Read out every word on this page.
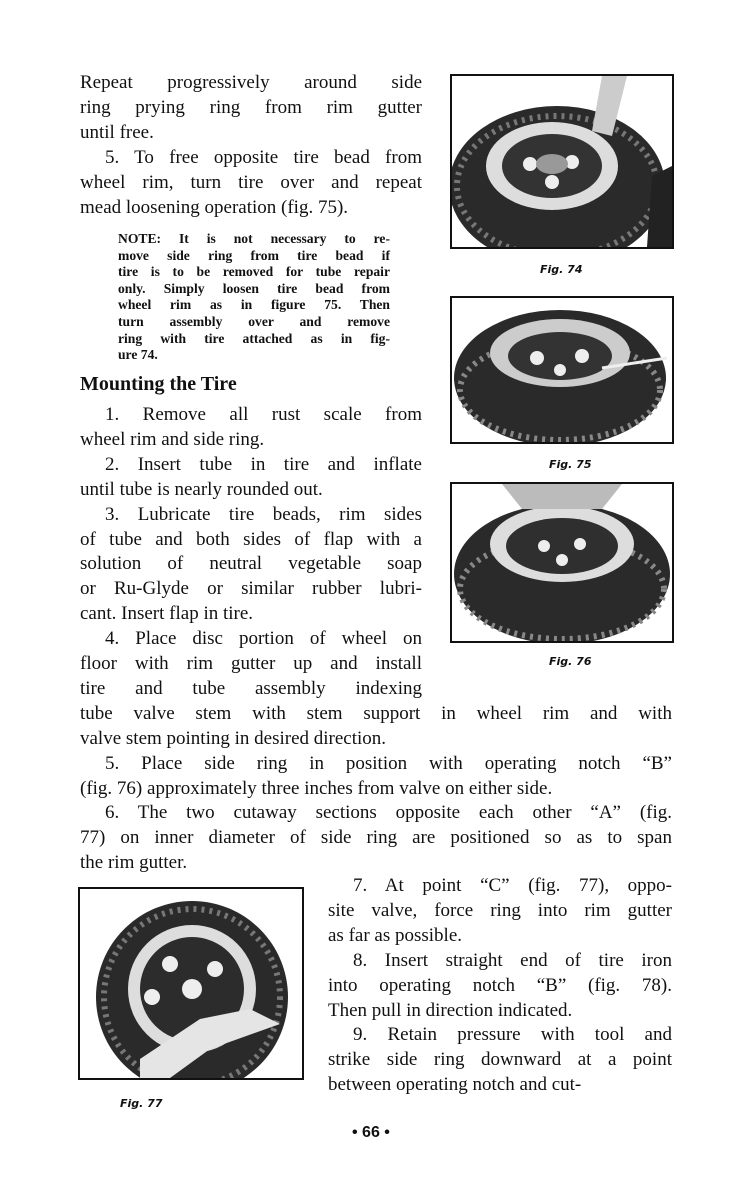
Repeat progressively around side
ring prying ring from rim gutter
until free.
5. To free opposite tire bead from
wheel rim, turn tire over and repeat
mead loosening operation (fig. 75).
NOTE: It is not necessary to re-
move side ring from tire bead if
tire is to be removed for tube repair
only. Simply loosen tire bead from
wheel rim as in figure 75. Then
turn assembly over and remove
ring with tire attached as in fig-
ure 74.
1. Remove all rust scale from
wheel rim and side ring.
2. Insert tube in tire and inflate
until tube is nearly rounded out.
3. Lubricate tire beads, rim sides
of tube and both sides of flap with a
solution of neutral vegetable soap
or Ru-Glyde or similar rubber lubri-
cant. Insert flap in tire.
4. Place disc portion of wheel on
floor with rim gutter up and install
tire and tube assembly indexing
tube valve stem with stem support in wheel rim and with
valve stem pointing in desired direction.
5. Place side ring in position with operating notch “B”
(fig. 76) approximately three inches from valve on either side.
6. The two cutaway sections opposite each other “A” (fig.
77) on inner diameter of side ring are positioned so as to span
the rim gutter.
7. At point “C” (fig. 77), oppo-
site valve, force ring into rim gutter
as far as possible.
8. Insert straight end of tire iron
into operating notch “B” (fig. 78).
Then pull in direction indicated.
9. Retain pressure with tool and
strike side ring downward at a point
between operating notch and cut-
Mounting the Tire
Fig. 74
Fig. 75
Fig. 76
Fig. 77
• 66 •
